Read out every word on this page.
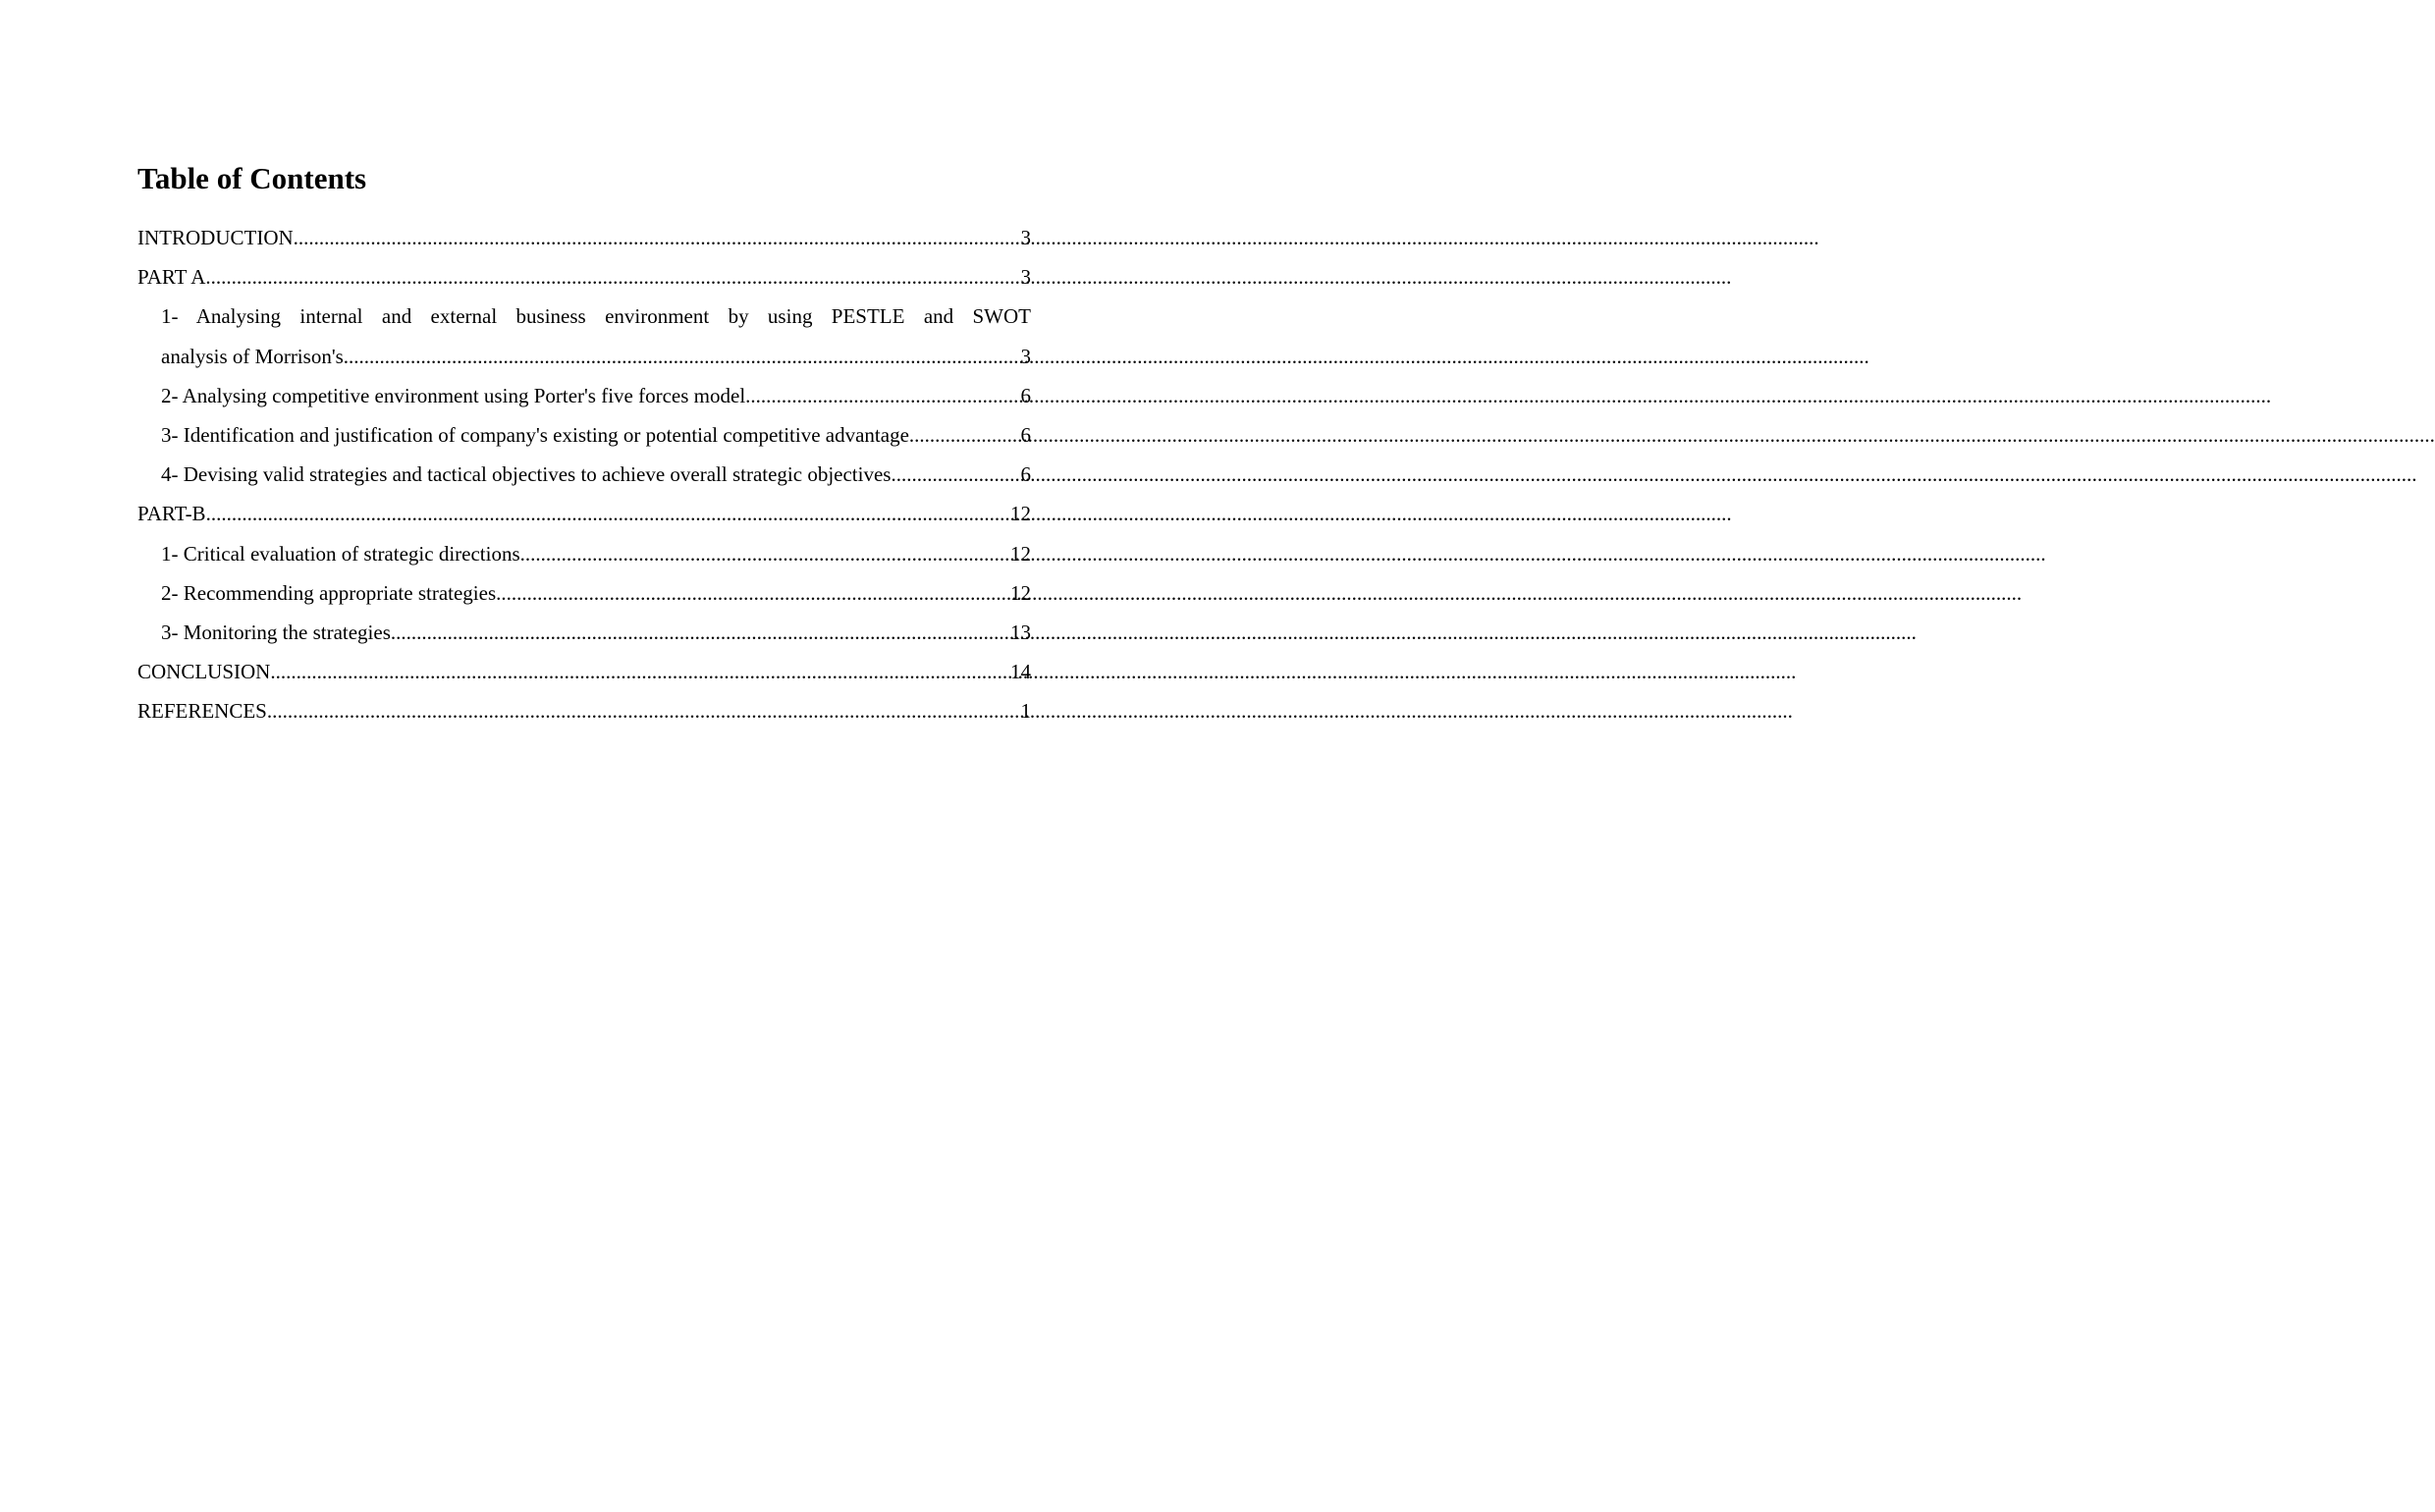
Table of Contents
INTRODUCTION .....	3
PART A .....	3
1- Analysing internal and external business environment by using PESTLE and SWOT
analysis of Morrison's .....	3
2- Analysing competitive environment using Porter's five forces model .....	6
3- Identification and justification of company's existing or potential competitive advantage .....	6
4- Devising valid strategies and tactical objectives to achieve overall strategic objectives .....	6
PART-B .....	12
1- Critical evaluation of strategic directions .....	12
2- Recommending appropriate strategies .....	12
3- Monitoring the strategies .....	13
CONCLUSION .....	14
REFERENCES .....	1
